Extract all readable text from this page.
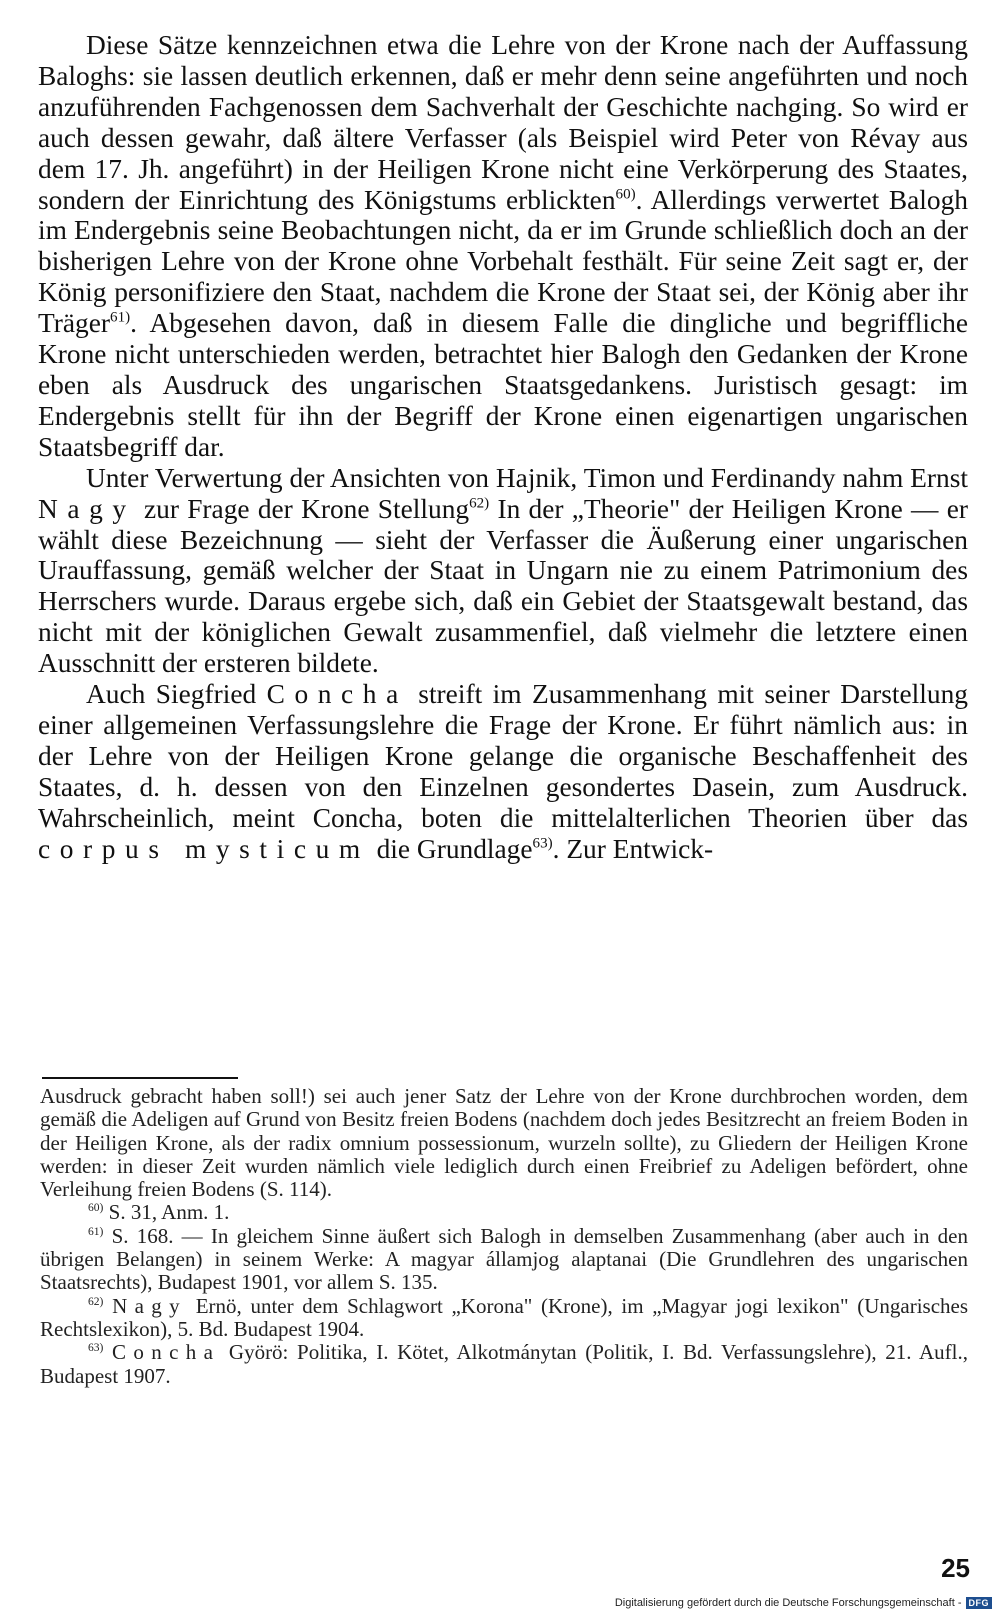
Diese Sätze kennzeichnen etwa die Lehre von der Krone nach der Auffassung Baloghs: sie lassen deutlich erkennen, daß er mehr denn seine angeführten und noch anzuführenden Fachgenossen dem Sachverhalt der Geschichte nachging. So wird er auch dessen gewahr, daß ältere Verfasser (als Beispiel wird Peter von Révay aus dem 17. Jh. angeführt) in der Heiligen Krone nicht eine Verkörperung des Staates, sondern der Einrichtung des Königstums erblickten$^{60)}$. Allerdings verwertet Balogh im Endergebnis seine Beobachtungen nicht, da er im Grunde schließlich doch an der bisherigen Lehre von der Krone ohne Vorbehalt festhält. Für seine Zeit sagt er, der König personifiziere den Staat, nachdem die Krone der Staat sei, der König aber ihr Träger$^{61)}$. Abgesehen davon, daß in diesem Falle die dingliche und begriffliche Krone nicht unterschieden werden, betrachtet hier Balogh den Gedanken der Krone eben als Ausdruck des ungarischen Staatsgedankens. Juristisch gesagt: im Endergebnis stellt für ihn der Begriff der Krone einen eigenartigen ungarischen Staatsbegriff dar.

Unter Verwertung der Ansichten von Hajnik, Timon und Ferdinandy nahm Ernst Nagy zur Frage der Krone Stellung$^{62)}$ In der „Theorie" der Heiligen Krone — er wählt diese Bezeichnung — sieht der Verfasser die Äußerung einer ungarischen Urauffassung, gemäß welcher der Staat in Ungarn nie zu einem Patrimonium des Herrschers wurde. Daraus ergebe sich, daß ein Gebiet der Staatsgewalt bestand, das nicht mit der königlichen Gewalt zusammenfiel, daß vielmehr die letztere einen Ausschnitt der ersteren bildete.

Auch Siegfried Concha streift im Zusammenhang mit seiner Darstellung einer allgemeinen Verfassungslehre die Frage der Krone. Er führt nämlich aus: in der Lehre von der Heiligen Krone gelange die organische Beschaffenheit des Staates, d. h. dessen von den Einzelnen gesondertes Dasein, zum Ausdruck. Wahrscheinlich, meint Concha, boten die mittelalterlichen Theorien über das corpus mysticum die Grundlage$^{63)}$. Zur Entwick-

Ausdruck gebracht haben soll!) sei auch jener Satz der Lehre von der Krone durchbrochen worden, dem gemäß die Adeligen auf Grund von Besitz freien Bodens (nachdem doch jedes Besitzrecht an freiem Boden in der Heiligen Krone, als der radix omnium possessionum, wurzeln sollte), zu Gliedern der Heiligen Krone werden: in dieser Zeit wurden nämlich viele lediglich durch einen Freibrief zu Adeligen befördert, ohne Verleihung freien Bodens (S. 114).

$^{60)}$ S. 31, Anm. 1.

$^{61)}$ S. 168. — In gleichem Sinne äußert sich Balogh in demselben Zusammenhang (aber auch in den übrigen Belangen) in seinem Werke: A magyar államjog alaptanai (Die Grundlehren des ungarischen Staatsrechts), Budapest 1901, vor allem S. 135.

$^{62)}$ Nagy Ernö, unter dem Schlagwort „Korona" (Krone), im „Magyar jogi lexikon" (Ungarisches Rechtslexikon), 5. Bd. Budapest 1904.

$^{63)}$ Concha Györö: Politika, I. Kötet, Alkotmánytan (Politik, I. Bd. Verfassungslehre), 21. Aufl., Budapest 1907.

25
Digitalisierung gefördert durch die Deutsche Forschungsgemeinschaft - DFG
